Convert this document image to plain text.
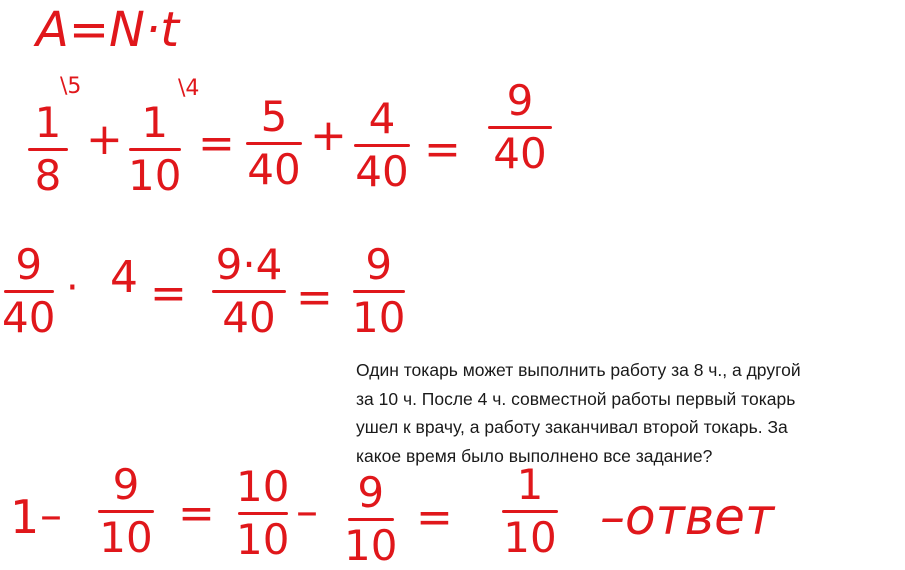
A=N·t
\5
1
8
+
\4
1
10
=
5
40
+ 4
40 =
9
40
9
40
· 4 =
9·4
40 =
9
10
Один токарь может выполнить работу за 8 ч., а другой
за 10 ч. После 4 ч. совместной работы первый токарь
ушел к врачу, а работу заканчивал второй токарь. За
какое время было выполнено все задание?
1 –
9
10 =
10
10
– 9
10
=
1
10 –ответ
